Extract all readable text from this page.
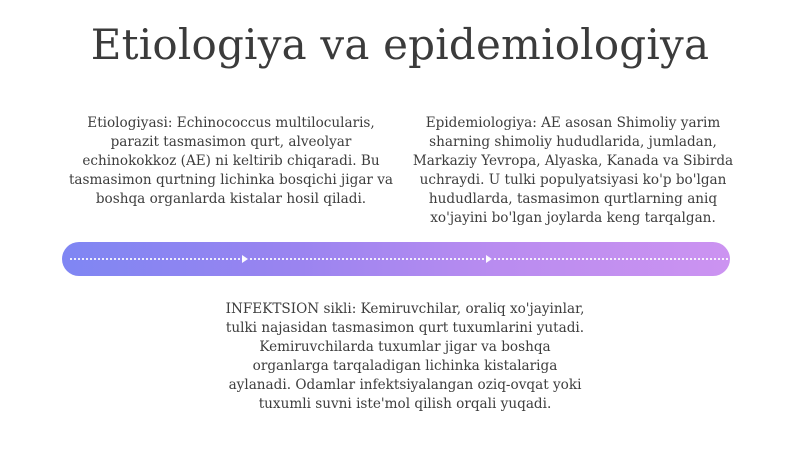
Etiologiya va epidemiologiya
Etiologiyasi: Echinococcus multilocularis, parazit tasmasimon qurt, alveolyar echinokokkoz (AE) ni keltirib chiqaradi. Bu tasmasimon qurtning lichinka bosqichi jigar va boshqa organlarda kistalar hosil qiladi.
Epidemiologiya: AE asosan Shimoliy yarim sharning shimoliy hududlarida, jumladan, Markaziy Yevropa, Alyaska, Kanada va Sibirda uchraydi. U tulki populyatsiyasi ko'p bo'lgan hududlarda, tasmasimon qurtlarning aniq xo'jayini bo'lgan joylarda keng tarqalgan.
INFEKTSION sikli: Kemiruvchilar, oraliq xo'jayinlar, tulki najasidan tasmasimon qurt tuxumlarini yutadi. Kemiruvchilarda tuxumlar jigar va boshqa organlarga tarqaladigan lichinka kistalariga aylanadi. Odamlar infektsiyalangan oziq-ovqat yoki tuxumli suvni iste'mol qilish orqali yuqadi.
